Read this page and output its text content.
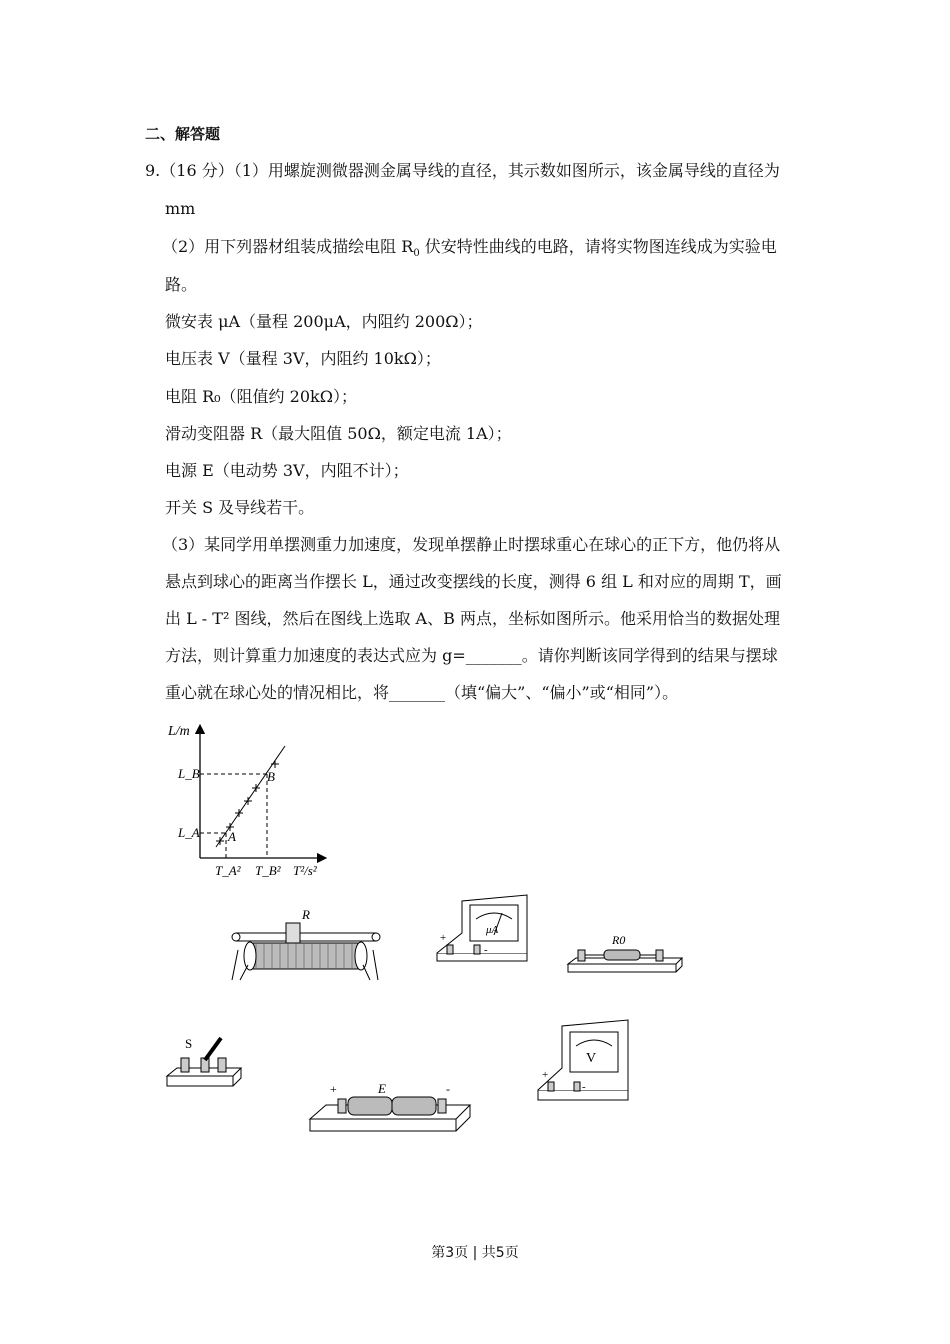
二、解答题
9.（16 分）（1）用螺旋测微器测金属导线的直径，其示数如图所示，该金属导线的直径为
mm
（2）用下列器材组装成描绘电阻 $R_0$ 伏安特性曲线的电路，请将实物图连线成为实验电
路。
微安表 μA（量程 200μA，内阻约 200Ω）；
电压表 V（量程 3V，内阻约 10kΩ）；
电阻 R₀（阻值约 20kΩ）；
滑动变阻器 R（最大阻值 50Ω，额定电流 1A）；
电源 E（电动势 3V，内阻不计）；
开关 S 及导线若干。
（3）某同学用单摆测重力加速度，发现单摆静止时摆球重心在球心的正下方，他仍将从
悬点到球心的距离当作摆长 L，通过改变摆线的长度，测得 6 组 L 和对应的周期 T，画
出 L - T² 图线，然后在图线上选取 A、B 两点，坐标如图所示。他采用恰当的数据处理
方法，则计算重力加速度的表达式应为 g=_______。请你判断该同学得到的结果与摆球
重心就在球心处的情况相比，将_______（填“偏大”、“偏小”或“相同”）。
L/m
L_B
L_A
T_A² T_B² T²/s²
A
B
R
μA
+
-
R0
S
+	E	-
V
+
-
第3页 | 共5页
